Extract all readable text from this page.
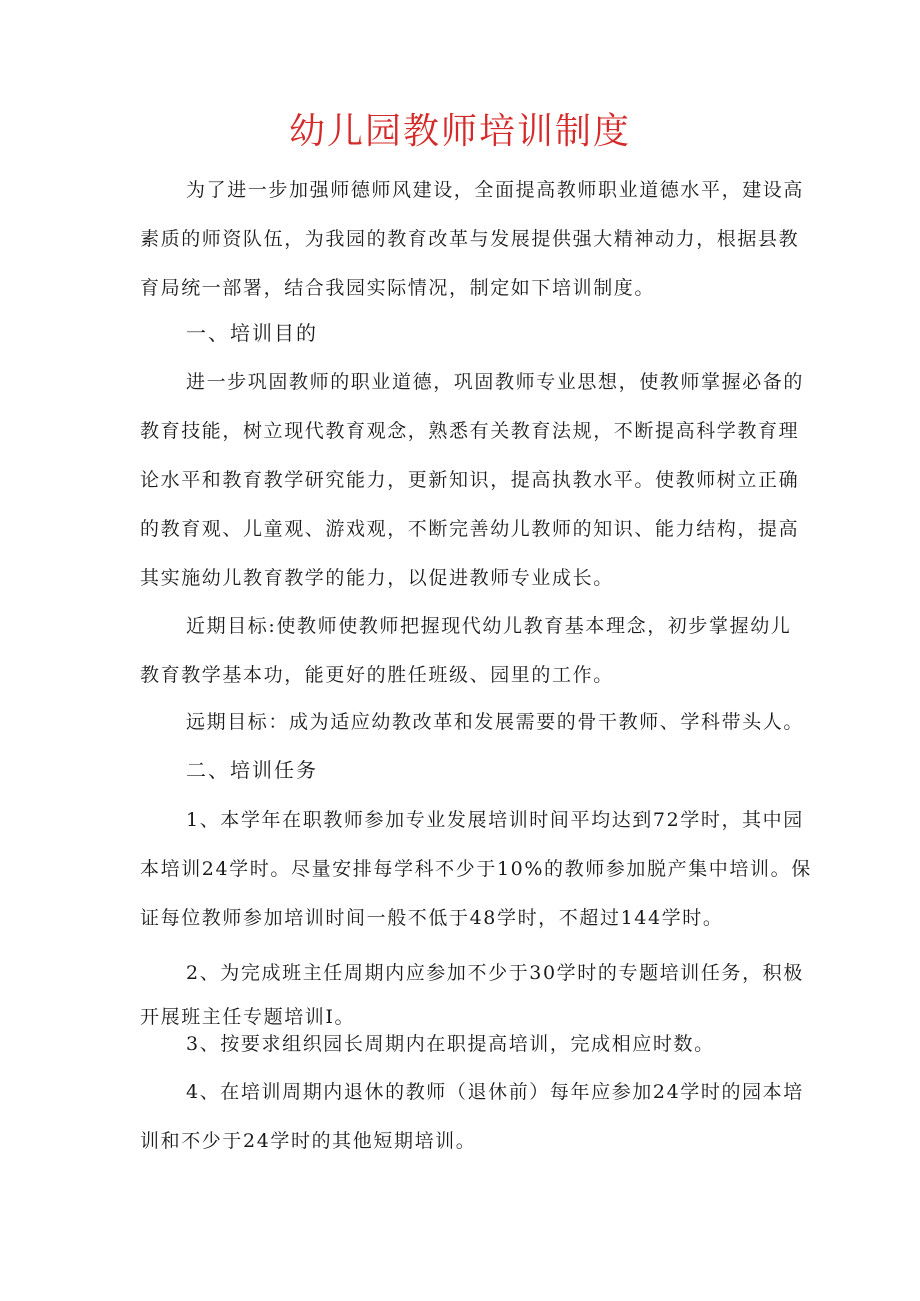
幼儿园教师培训制度
为了进一步加强师德师风建设，全面提高教师职业道德水平，建设高
素质的师资队伍，为我园的教育改革与发展提供强大精神动力，根据县教
育局统一部署，结合我园实际情况，制定如下培训制度。
一、培训目的
进一步巩固教师的职业道德，巩固教师专业思想，使教师掌握必备的
教育技能，树立现代教育观念，熟悉有关教育法规，不断提高科学教育理
论水平和教育教学研究能力，更新知识，提高执教水平。使教师树立正确
的教育观、儿童观、游戏观，不断完善幼儿教师的知识、能力结构，提高
其实施幼儿教育教学的能力，以促进教师专业成长。
近期目标:使教师使教师把握现代幼儿教育基本理念，初步掌握幼儿
教育教学基本功，能更好的胜任班级、园里的工作。
远期目标：成为适应幼教改革和发展需要的骨干教师、学科带头人。
二、培训任务
1、本学年在职教师参加专业发展培训时间平均达到72学时，其中园
本培训24学时。尽量安排每学科不少于10%的教师参加脱产集中培训。保
证每位教师参加培训时间一般不低于48学时，不超过144学时。
2、为完成班主任周期内应参加不少于30学时的专题培训任务，积极
开展班主任专题培训Ⅰ。
3、按要求组织园长周期内在职提高培训，完成相应时数。
4、在培训周期内退休的教师（退休前）每年应参加24学时的园本培
训和不少于24学时的其他短期培训。
